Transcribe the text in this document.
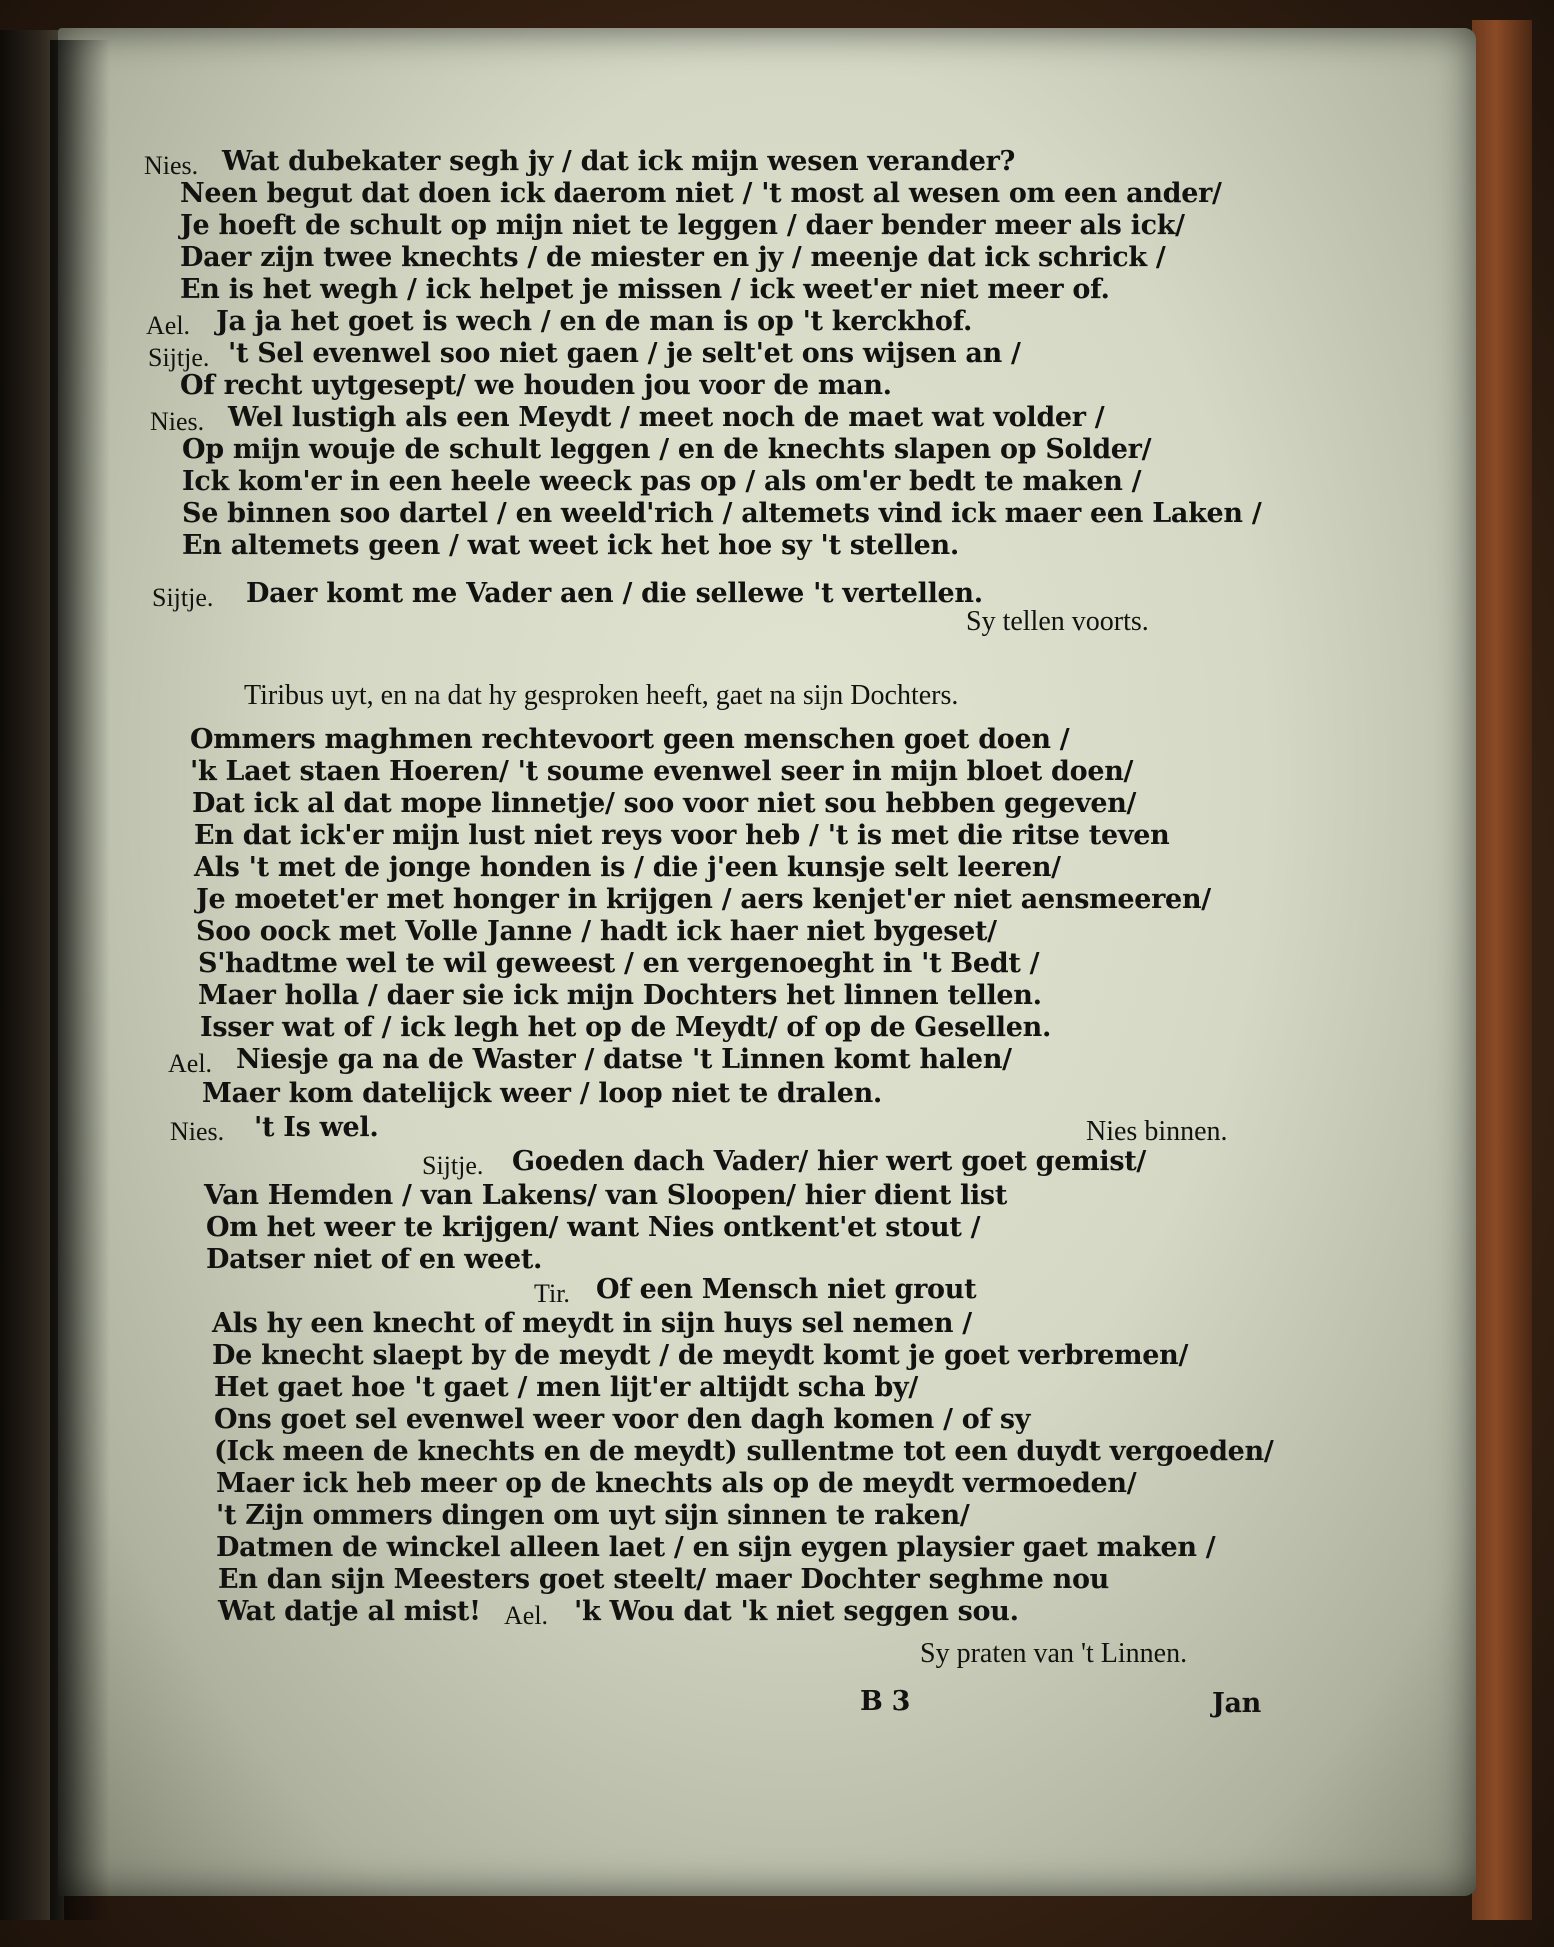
Nies. Wat dubekater segh jy / dat ick mijn wesen verander?
Neen begut dat doen ick daerom niet / 't most al wesen om een ander/
Je hoeft de schult op mijn niet te leggen / daer bender meer als ick/
Daer zijn twee knechts / de miester en jy / meenje dat ick schrick /
En is het wegh / ick helpet je missen / ick weet'er niet meer of.
Ael. Ja ja het goet is wech / en de man is op 't kerckhof.
Sijtje. 't Sel evenwel soo niet gaen / je selt'et ons wijsen an /
Of recht uytgesept/ we houden jou voor de man.
Nies. Wel lustigh als een Meydt / meet noch de maet wat volder /
Op mijn wouje de schult leggen / en de knechts slapen op Solder/
Ick kom'er in een heele weeck pas op / als om'er bedt te maken /
Se binnen soo dartel / en weeld'rich / altemets vind ick maer een Laken /
En altemets geen / wat weet ick het hoe sy 't stellen.
Sijtje. Daer komt me Vader aen / die sellewe 't vertellen.
Sy tellen voorts.
Tiribus uyt, en na dat hy gesproken heeft, gaet na sijn Dochters.
Ommers maghmen rechtevoort geen menschen goet doen /
'k Laet staen Hoeren/ 't soume evenwel seer in mijn bloet doen/
Dat ick al dat mope linnetje/ soo voor niet sou hebben gegeven/
En dat ick'er mijn lust niet reys voor heb / 't is met die ritse teven
Als 't met de jonge honden is / die j'een kunsje selt leeren/
Je moetet'er met honger in krijgen / aers kenjet'er niet aensmeeren/
Soo oock met Volle Janne / hadt ick haer niet bygeset/
S'hadtme wel te wil geweest / en vergenoeght in 't Bedt /
Maer holla / daer sie ick mijn Dochters het linnen tellen.
Isser wat of / ick legh het op de Meydt/ of op de Gesellen.
Ael. Niesje ga na de Waster / datse 't Linnen komt halen/
Maer kom datelijck weer / loop niet te dralen.
Nies. 't Is wel.	Nies binnen.
Sijtje. Goeden dach Vader/ hier wert goet gemist/
Van Hemden / van Lakens/ van Sloopen/ hier dient list
Om het weer te krijgen/ want Nies ontkent'et stout /
Datser niet of en weet.
Tir. Of een Mensch niet grout
Als hy een knecht of meydt in sijn huys sel nemen /
De knecht slaept by de meydt / de meydt komt je goet verbremen/
Het gaet hoe 't gaet / men lijt'er altijdt scha by/
Ons goet sel evenwel weer voor den dagh komen / of sy
(Ick meen de knechts en de meydt) sullentme tot een duydt vergoeden/
Maer ick heb meer op de knechts als op de meydt vermoeden/
't Zijn ommers dingen om uyt sijn sinnen te raken/
Datmen de winckel alleen laet / en sijn eygen playsier gaet maken /
En dan sijn Meesters goet steelt/ maer Dochter seghme nou
Wat datje al mist! Ael. 'k Wou dat 'k niet seggen sou.
Sy praten van 't Linnen.
B 3	Jan
